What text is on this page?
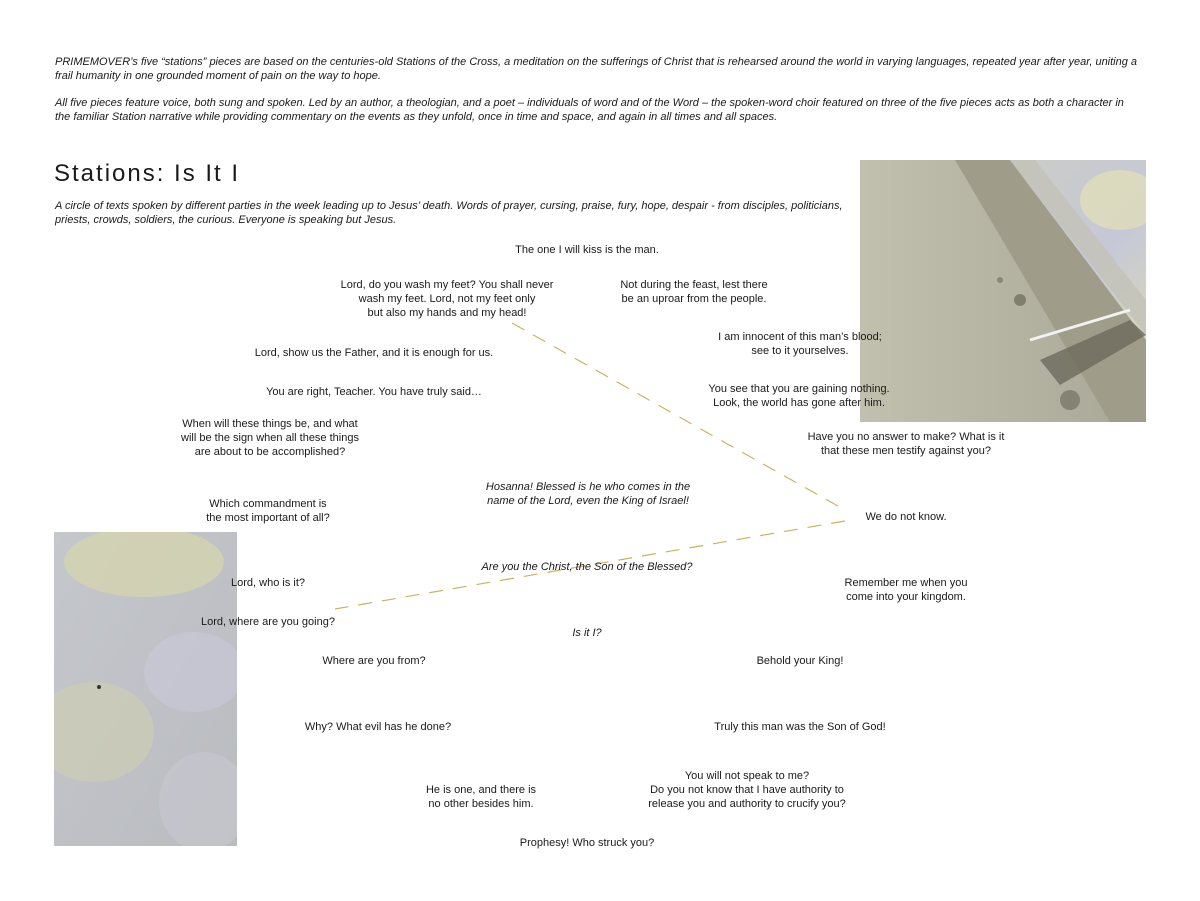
PRIMEMOVER’s five “stations” pieces are based on the centuries-old Stations of the Cross, a meditation on the sufferings of Christ that is rehearsed around the world in varying languages, repeated year after year, uniting a frail humanity in one grounded moment of pain on the way to hope.

All five pieces feature voice, both sung and spoken. Led by an author, a theologian, and a poet – individuals of word and of the Word – the spoken-word choir featured on three of the five pieces acts as both a character in the familiar Station narrative while providing commentary on the events as they unfold, once in time and space, and again in all times and all spaces.

Stations: Is It I

A circle of texts spoken by different parties in the week leading up to Jesus’ death. Words of prayer, cursing, praise, fury, hope, despair - from disciples, politicians, priests, crowds, soldiers, the curious. Everyone is speaking but Jesus.

The one I will kiss is the man.
Lord, do you wash my feet? You shall never
wash my feet. Lord, not my feet only
but also my hands and my head!
Not during the feast, lest there
be an uproar from the people.
I am innocent of this man’s blood;
see to it yourselves.
Lord, show us the Father, and it is enough for us.
You are right, Teacher. You have truly said…	You see that you are gaining nothing.
Look, the world has gone after him.
When will these things be, and what
will be the sign when all these things
are about to be accomplished?
Have you no answer to make? What is it
that these men testify against you?
Hosanna! Blessed is he who comes in the
name of the Lord, even the King of Israel!
Which commandment is
the most important of all?	We do not know.
Are you the Christ, the Son of the Blessed?
Lord, who is it?	Remember me when you
come into your kingdom.
Lord, where are you going?
Is it I?
Where are you from?	Behold your King!
Why? What evil has he done?	Truly this man was the Son of God!
He is one, and there is
no other besides him.
You will not speak to me?
Do you not know that I have authority to
release you and authority to crucify you?
Prophesy! Who struck you?
